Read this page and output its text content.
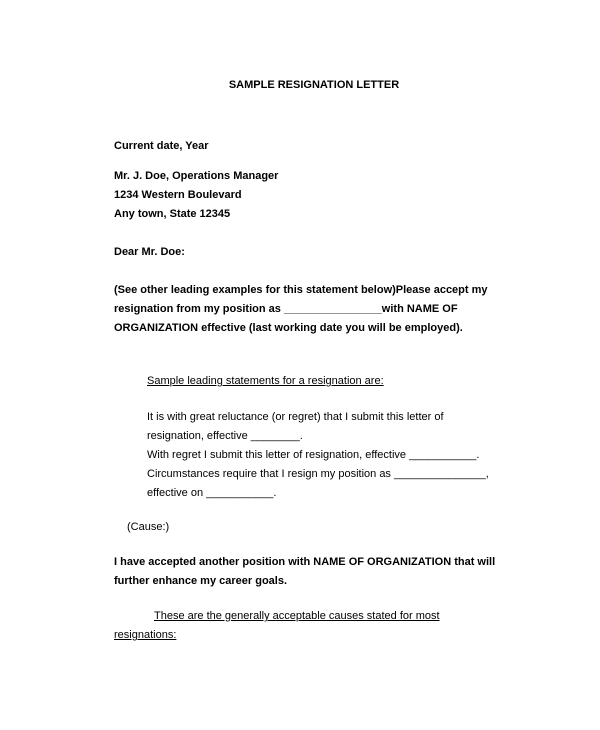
SAMPLE RESIGNATION LETTER
Current date, Year
Mr. J. Doe, Operations Manager
1234 Western Boulevard
Any town, State 12345
Dear Mr. Doe:
(See other leading examples for this statement below)Please accept my
resignation from my position as ________________with NAME OF
ORGANIZATION effective (last working date you will be employed).
Sample leading statements for a resignation are:
It is with great reluctance (or regret) that I submit this letter of
resignation, effective ________.
With regret I submit this letter of resignation, effective ___________.
Circumstances require that I resign my position as _______________,
effective on ___________.
(Cause:)
I have accepted another position with NAME OF ORGANIZATION that will
further enhance my career goals.
These are the generally acceptable causes stated for most
resignations:
